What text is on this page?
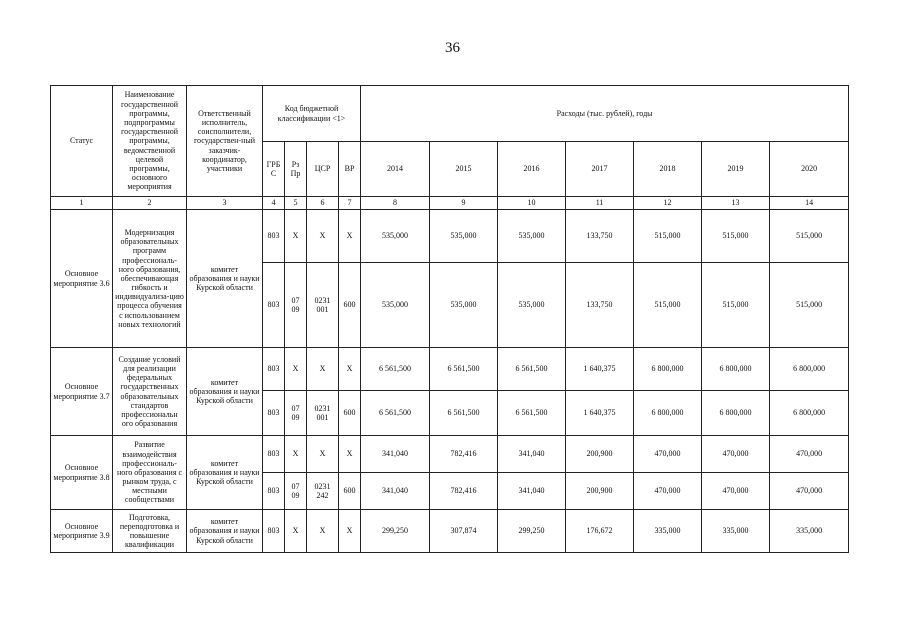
36
Статус	Наименование государственной программы, подпрограммы государственной программы, ведомственной целевой программы, основного мероприятия	Ответственный исполнитель, соисполнители, государствен-ный заказчик-координатор, участники	Код бюджетной классификации <1>				Расходы (тыс. рублей), годы						
			ГРБ С	Рз Пр	ЦСР	ВР	2014	2015	2016	2017	2018	2019	2020
1	2	3	4	5	6	7	8	9	10	11	12	13	14
Основное мероприятие 3.6	Модернизация образовательных программ профессиональ-ного образования, обеспечивающая гибкость и индивидуализа-цию процесса обучения с использованием новых технологий	комитет образования и науки Курской области	803	X	X	X	535,000	535,000	535,000	133,750	515,000	515,000	515,000
			803	07 09	0231 001	600	535,000	535,000	535,000	133,750	515,000	515,000	515,000
Основное мероприятие 3.7	Создание условий для реализации федеральных государственных образовательных стандартов профессиональн ого образования	комитет образования и науки Курской области	803	X	X	X	6 561,500	6 561,500	6 561,500	1 640,375	6 800,000	6 800,000	6 800,000
			803	07 09	0231 001	600	6 561,500	6 561,500	6 561,500	1 640,375	6 800,000	6 800,000	6 800,000
Основное мероприятие 3.8	Развитие взаимодействия профессиональ-ного образования с рынком труда, с местными сообществами	комитет образования и науки Курской области	803	X	X	X	341,040	782,416	341,040	200,900	470,000	470,000	470,000
			803	07 09	0231 242	600	341,040	782,416	341,040	200,900	470,000	470,000	470,000
Основное мероприятие 3.9	Подготовка, переподготовка и повышение квалификации	комитет образования и науки Курской области	803	X	X	X	299,250	307,874	299,250	176,672	335,000	335,000	335,000
